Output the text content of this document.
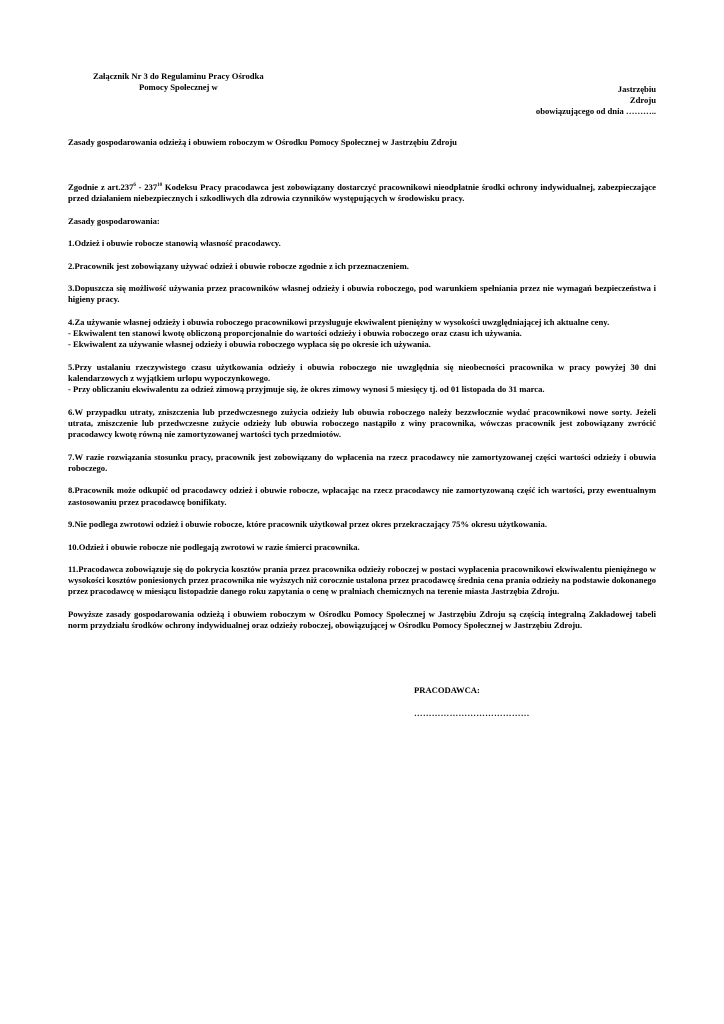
Załącznik Nr 3 do Regulaminu Pracy Ośrodka
Pomocy Społecznej w	Jastrzębiu
Zdroju
obowiązującego od dnia ………..
Zasady gospodarowania odzieżą i obuwiem roboczym w Ośrodku Pomocy Społecznej w Jastrzębiu Zdroju

Zgodnie z $art.237^6 - 237^{10}$ Kodeksu Pracy pracodawca jest zobowiązany dostarczyć pracownikowi nieodpłatnie środki ochrony indywidualnej, zabezpieczające przed działaniem niebezpiecznych i szkodliwych dla zdrowia czynników występujących w środowisku pracy.

Zasady gospodarowania:

1.Odzież i obuwie robocze stanowią własność pracodawcy.

2.Pracownik jest zobowiązany używać odzież i obuwie robocze zgodnie z ich przeznaczeniem.

3.Dopuszcza się możliwość używania przez pracowników własnej odzieży i obuwia roboczego, pod warunkiem spełniania przez nie wymagań bezpieczeństwa i higieny pracy.

4.Za używanie własnej odzieży i obuwia roboczego pracownikowi przysługuje ekwiwalent pieniężny w wysokości uwzględniającej ich aktualne ceny.
- Ekwiwalent ten stanowi kwotę obliczoną proporcjonalnie do wartości odzieży i obuwia roboczego oraz czasu ich używania.
- Ekwiwalent za używanie własnej odzieży i obuwia roboczego wypłaca się po okresie ich używania.

5.Przy ustalaniu rzeczywistego czasu użytkowania odzieży i obuwia roboczego nie uwzględnia się nieobecności pracownika w pracy powyżej 30 dni kalendarzowych z wyjątkiem urlopu wypoczynkowego.
- Przy obliczaniu ekwiwalentu za odzież zimową przyjmuje się, że okres zimowy wynosi 5 miesięcy tj. od 01 listopada do 31 marca.

6.W przypadku utraty, zniszczenia lub przedwczesnego zużycia odzieży lub obuwia roboczego należy bezzwłocznie wydać pracownikowi nowe sorty. Jeżeli utrata, zniszczenie lub przedwczesne zużycie odzieży lub obuwia roboczego nastąpiło z winy pracownika, wówczas pracownik jest zobowiązany zwrócić pracodawcy kwotę równą nie zamortyzowanej wartości tych przedmiotów.

7.W razie rozwiązania stosunku pracy, pracownik jest zobowiązany do wpłacenia na rzecz pracodawcy nie zamortyzowanej części wartości odzieży i obuwia roboczego.

8.Pracownik może odkupić od pracodawcy odzież i obuwie robocze, wpłacając na rzecz pracodawcy nie zamortyzowaną część ich wartości, przy ewentualnym zastosowaniu przez pracodawcę bonifikaty.

9.Nie podlega zwrotowi odzież i obuwie robocze, które pracownik użytkował przez okres przekraczający 75% okresu użytkowania.

10.Odzież i obuwie robocze nie podlegają zwrotowi w razie śmierci pracownika.

11.Pracodawca zobowiązuje się do pokrycia kosztów prania przez pracownika odzieży roboczej w postaci wypłacenia pracownikowi ekwiwalentu pieniężnego w wysokości kosztów poniesionych przez pracownika nie wyższych niż corocznie ustalona przez pracodawcę średnia cena prania odzieży na podstawie dokonanego przez pracodawcę w miesiącu listopadzie danego roku zapytania o cenę w pralniach chemicznych na terenie miasta Jastrzębia Zdroju.

Powyższe zasady gospodarowania odzieżą i obuwiem roboczym w Ośrodku Pomocy Społecznej w Jastrzębiu Zdroju są częścią integralną Zakładowej tabeli norm przydziału środków ochrony indywidualnej oraz odzieży roboczej, obowiązującej w Ośrodku Pomocy Społecznej w Jastrzębiu Zdroju.

PRACODAWCA:
…………………………………
